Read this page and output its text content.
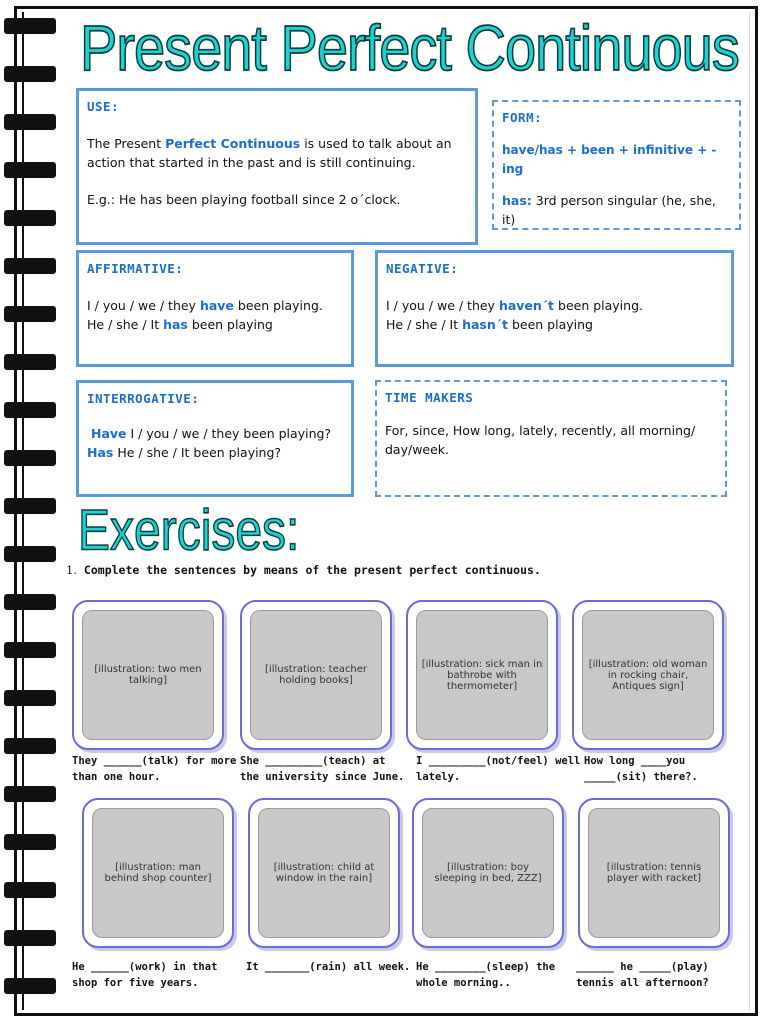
Present Perfect Continuous
USE:

The Present Perfect Continuous is used to talk about an action that started in the past and is still continuing.

E.g.: He has been playing football since 2 o´clock.

FORM:

have/has + been + infinitive + -ing

has: 3rd person singular (he, she, it)

AFFIRMATIVE:

I / you / we / they have been playing.

He / she / It has been playing

NEGATIVE:

I / you / we / they haven´t been playing.

He / she / It hasn´t been playing

INTERROGATIVE:

Have I / you / we / they been playing?

Has He / she / It been playing?

TIME MAKERS

For, since, How long, lately, recently, all morning/ day/week.

Exercises:
1. Complete the sentences by means of the present perfect continuous.
[illustration: two men talking]
They ______(talk) for more than one hour.
[illustration: teacher holding books]
She _________(teach) at the university since June.
[illustration: sick man in bathrobe with thermometer]
I _________(not/feel) well lately.
[illustration: old woman in rocking chair, Antiques sign]
How long ____you _____(sit) there?.
[illustration: man behind shop counter]
He ______(work) in that shop for five years.
[illustration: child at window in the rain]
It _______(rain) all week.
[illustration: boy sleeping in bed, ZZZ]
He ________(sleep) the whole morning..
[illustration: tennis player with racket]
______ he _____(play) tennis all afternoon?
